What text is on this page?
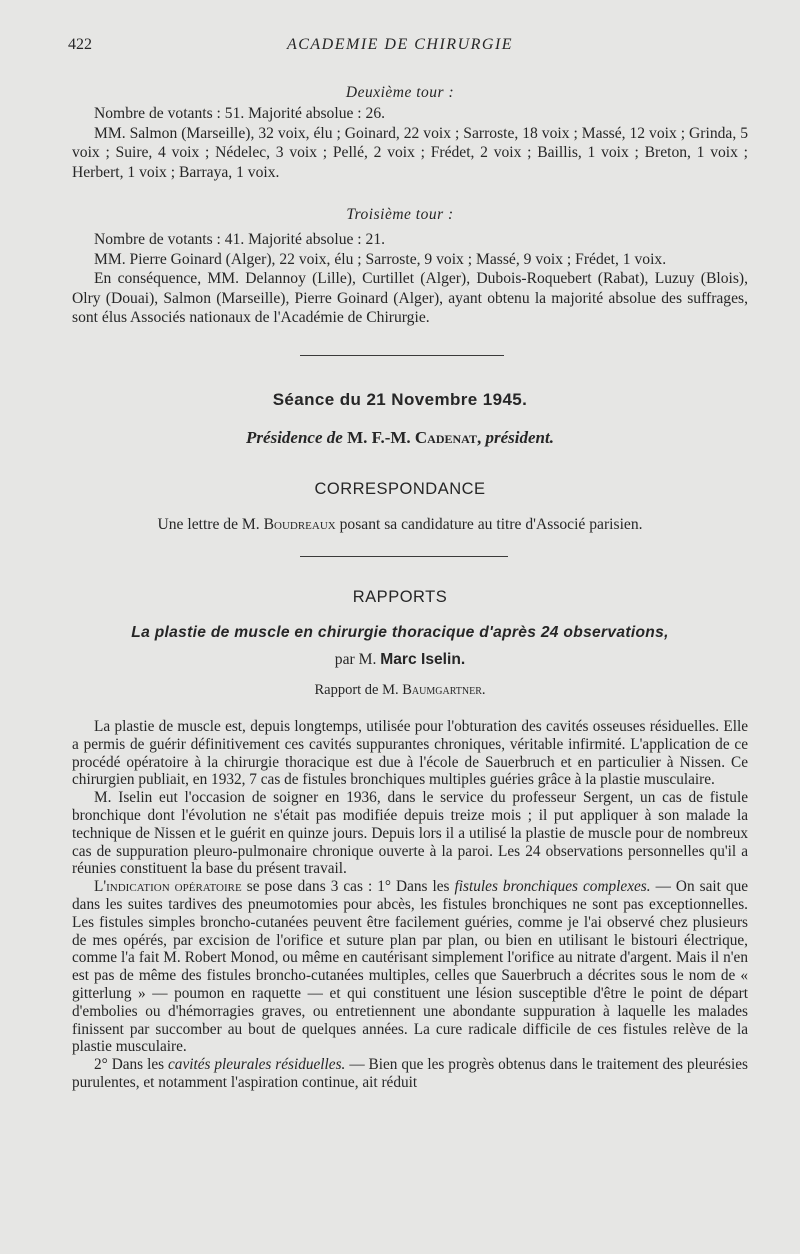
422	ACADEMIE DE CHIRURGIE
Deuxième tour :

Nombre de votants : 51. Majorité absolue : 26.

MM. Salmon (Marseille), 32 voix, élu ; Goinard, 22 voix ; Sarroste, 18 voix ; Massé, 12 voix ; Grinda, 5 voix ; Suire, 4 voix ; Nédelec, 3 voix ; Pellé, 2 voix ; Frédet, 2 voix ; Baillis, 1 voix ; Breton, 1 voix ; Herbert, 1 voix ; Barraya, 1 voix.

Troisième tour :

Nombre de votants : 41. Majorité absolue : 21.

MM. Pierre Goinard (Alger), 22 voix, élu ; Sarroste, 9 voix ; Massé, 9 voix ; Frédet, 1 voix.

En conséquence, MM. Delannoy (Lille), Curtillet (Alger), Dubois-Roquebert (Rabat), Luzuy (Blois), Olry (Douai), Salmon (Marseille), Pierre Goinard (Alger), ayant obtenu la majorité absolue des suffrages, sont élus Associés nationaux de l'Académie de Chirurgie.

Séance du 21 Novembre 1945.
Présidence de M. F.-M. Cadenat, président.
CORRESPONDANCE
Une lettre de M. Boudreaux posant sa candidature au titre d'Associé parisien.
RAPPORTS
La plastie de muscle en chirurgie thoracique d'après 24 observations,
par M. Marc Iselin.
Rapport de M. Baumgartner.

La plastie de muscle est, depuis longtemps, utilisée pour l'obturation des cavités osseuses résiduelles. Elle a permis de guérir définitivement ces cavités suppurantes chroniques, véritable infirmité. L'application de ce procédé opératoire à la chirurgie thoracique est due à l'école de Sauerbruch et en particulier à Nissen. Ce chirurgien publiait, en 1932, 7 cas de fistules bronchiques multiples guéries grâce à la plastie musculaire.

M. Iselin eut l'occasion de soigner en 1936, dans le service du professeur Sergent, un cas de fistule bronchique dont l'évolution ne s'était pas modifiée depuis treize mois ; il put appliquer à son malade la technique de Nissen et le guérit en quinze jours. Depuis lors il a utilisé la plastie de muscle pour de nombreux cas de suppuration pleuro-pulmonaire chronique ouverte à la paroi. Les 24 observations personnelles qu'il a réunies constituent la base du présent travail.

L'indication opératoire se pose dans 3 cas : 1° Dans les fistules bronchiques complexes. — On sait que dans les suites tardives des pneumotomies pour abcès, les fistules bronchiques ne sont pas exceptionnelles. Les fistules simples broncho-cutanées peuvent être facilement guéries, comme je l'ai observé chez plusieurs de mes opérés, par excision de l'orifice et suture plan par plan, ou bien en utilisant le bistouri électrique, comme l'a fait M. Robert Monod, ou même en cautérisant simplement l'orifice au nitrate d'argent. Mais il n'en est pas de même des fistules broncho-cutanées multiples, celles que Sauerbruch a décrites sous le nom de « gitterlung » — poumon en raquette — et qui constituent une lésion susceptible d'être le point de départ d'embolies ou d'hémorragies graves, ou entretiennent une abondante suppuration à laquelle les malades finissent par succomber au bout de quelques années. La cure radicale difficile de ces fistules relève de la plastie musculaire.

2° Dans les cavités pleurales résiduelles. — Bien que les progrès obtenus dans le traitement des pleurésies purulentes, et notamment l'aspiration continue, ait réduit
